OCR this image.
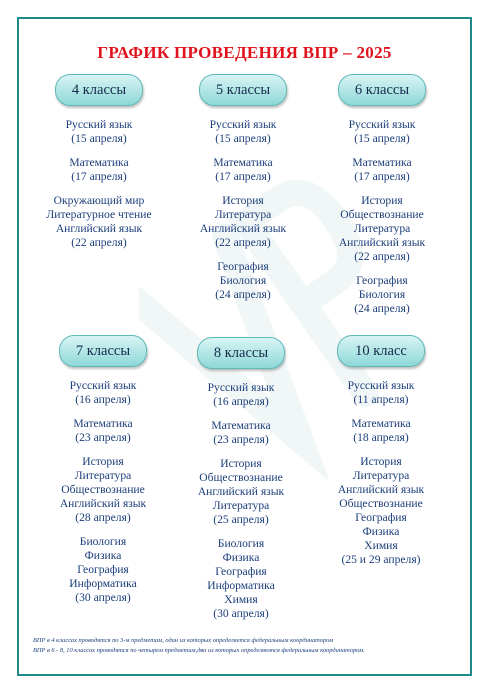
ГРАФИК ПРОВЕДЕНИЯ ВПР – 2025
4 классы
Русский язык
(15 апреля)
Математика
(17 апреля)
Окружающий мир
Литературное чтение
Английский язык
(22 апреля)
5 классы
Русский язык
(15 апреля)
Математика
(17 апреля)
История
Литература
Английский язык
(22 апреля)
География
Биология
(24 апреля)
6 классы
Русский язык
(15 апреля)
Математика
(17 апреля)
История
Обществознание
Литература
Английский язык
(22 апреля)
География
Биология
(24 апреля)
7 классы
Русский язык
(16 апреля)
Математика
(23 апреля)
История
Литература
Обществознание
Английский язык
(28 апреля)
Биология
Физика
География
Информатика
(30 апреля)
8 классы
Русский язык
(16 апреля)
Математика
(23 апреля)
История
Обществознание
Английский язык
Литература
(25 апреля)
Биология
Физика
География
Информатика
Химия
(30 апреля)
10 класс
Русский язык
(11 апреля)
Математика
(18 апреля)
История
Литература
Английский язык
Обществознание
География
Физика
Химия
(25 и 29 апреля)
ВПР в 4 классах проводятся по 3-м предметам, один из которых определяется федеральным координатором
ВПР в 6 - 8, 10 классах проводятся по четырем предметам,два из которых определяются федеральным координатором.
